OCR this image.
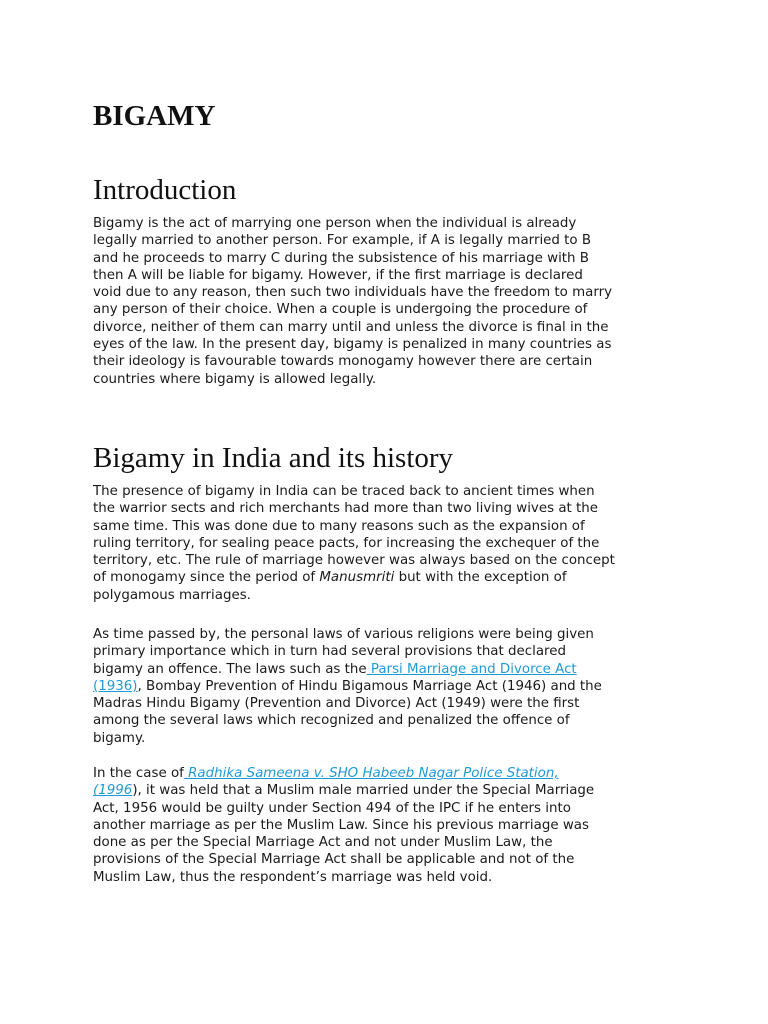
BIGAMY
Introduction

Bigamy is the act of marrying one person when the individual is already
legally married to another person. For example, if A is legally married to B
and he proceeds to marry C during the subsistence of his marriage with B
then A will be liable for bigamy. However, if the first marriage is declared
void due to any reason, then such two individuals have the freedom to marry
any person of their choice. When a couple is undergoing the procedure of
divorce, neither of them can marry until and unless the divorce is final in the
eyes of the law. In the present day, bigamy is penalized in many countries as
their ideology is favourable towards monogamy however there are certain
countries where bigamy is allowed legally.

Bigamy in India and its history

The presence of bigamy in India can be traced back to ancient times when
the warrior sects and rich merchants had more than two living wives at the
same time. This was done due to many reasons such as the expansion of
ruling territory, for sealing peace pacts, for increasing the exchequer of the
territory, etc. The rule of marriage however was always based on the concept
of monogamy since the period of Manusmriti but with the exception of
polygamous marriages.

As time passed by, the personal laws of various religions were being given
primary importance which in turn had several provisions that declared
bigamy an offence. The laws such as the Parsi Marriage and Divorce Act
(1936), Bombay Prevention of Hindu Bigamous Marriage Act (1946) and the
Madras Hindu Bigamy (Prevention and Divorce) Act (1949) were the first
among the several laws which recognized and penalized the offence of
bigamy.

In the case of Radhika Sameena v. SHO Habeeb Nagar Police Station,
(1996), it was held that a Muslim male married under the Special Marriage
Act, 1956 would be guilty under Section 494 of the IPC if he enters into
another marriage as per the Muslim Law. Since his previous marriage was
done as per the Special Marriage Act and not under Muslim Law, the
provisions of the Special Marriage Act shall be applicable and not of the
Muslim Law, thus the respondent’s marriage was held void.
